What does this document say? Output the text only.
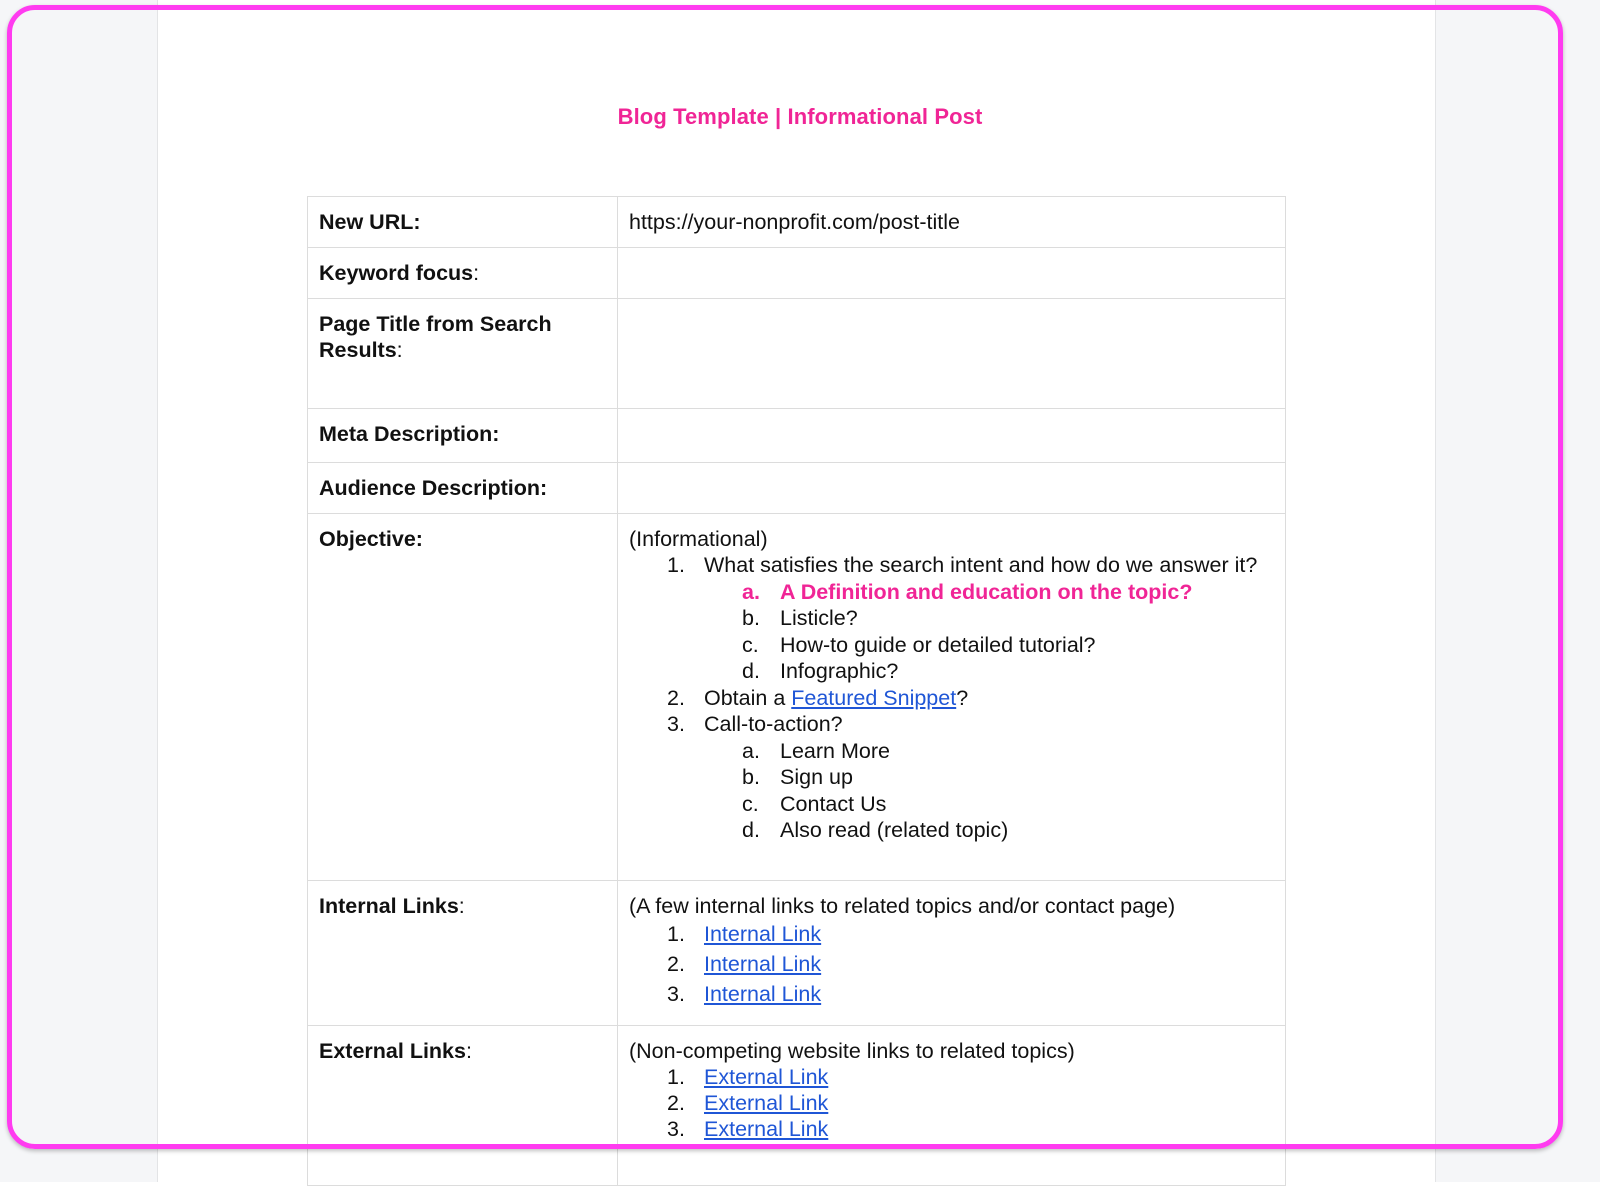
Blog Template | Informational Post
New URL:	https://your-nonprofit.com/post-title
Keyword focus:	
Page Title from Search Results:	
Meta Description:	
Audience Description:	
Objective:	(Informational)
1. What satisfies the search intent and how do we answer it?
a. A Definition and education on the topic?
b. Listicle?
c. How-to guide or detailed tutorial?
d. Infographic?
2. Obtain a Featured Snippet?
3. Call-to-action?
a. Learn More
b. Sign up
c. Contact Us
d. Also read (related topic)

Internal Links:	(A few internal links to related topics and/or contact page)
1. Internal Link
2. Internal Link
3. Internal Link

External Links:	(Non-competing website links to related topics)
1. External Link
2. External Link
3. External Link
